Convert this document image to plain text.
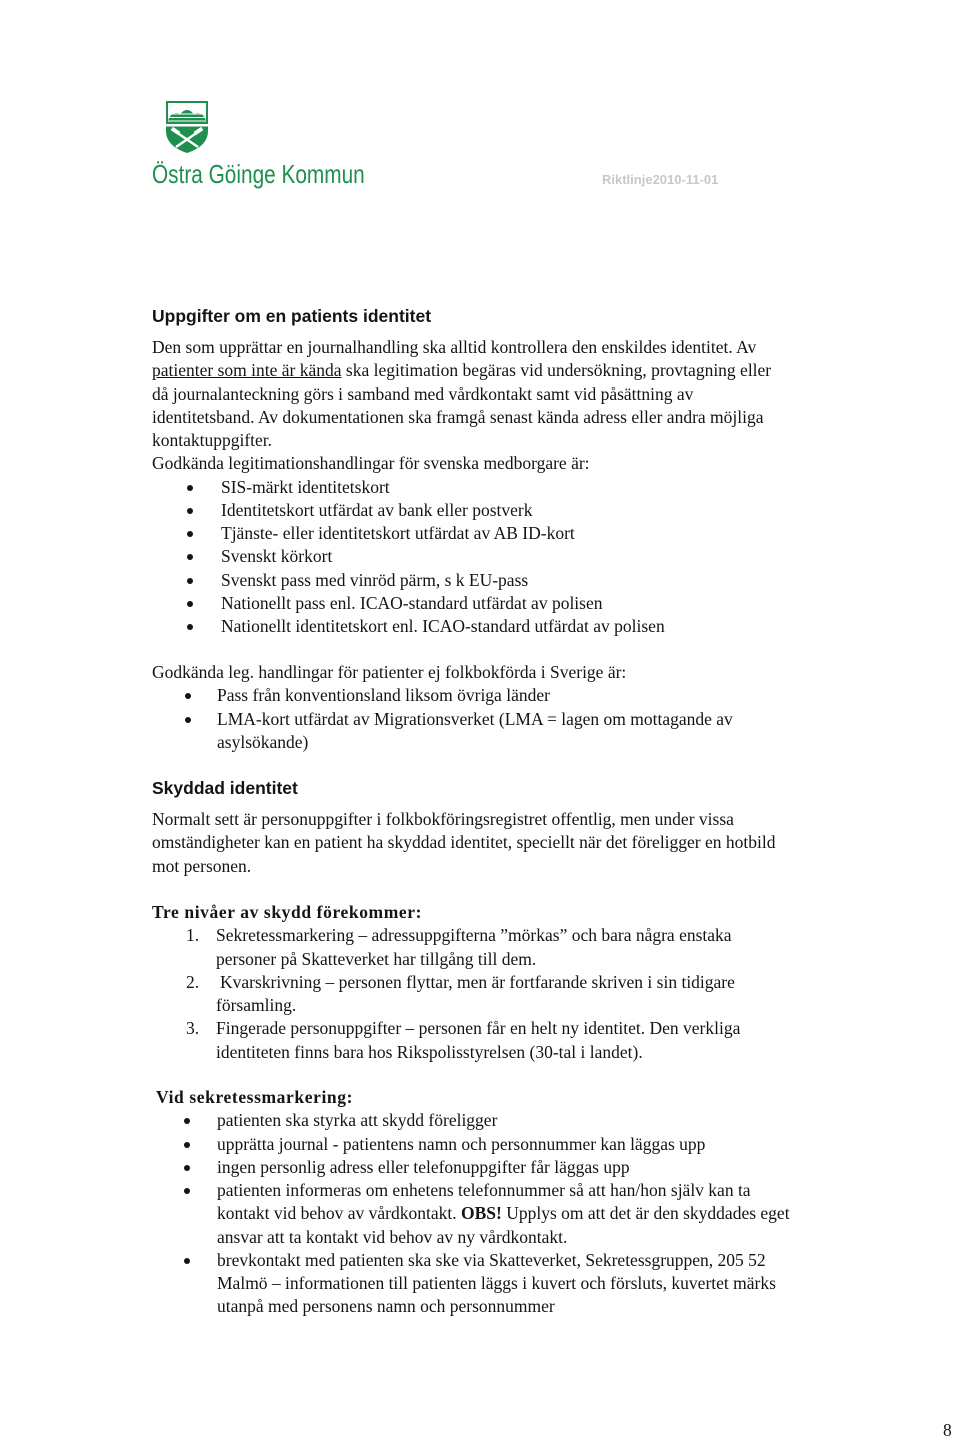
Östra Göinge Kommun	Riktlinje2010-11-01
Uppgifter om en patients identitet
Den som upprättar en journalhandling ska alltid kontrollera den enskildes identitet. Av
patienter som inte är kända ska legitimation begäras vid undersökning, provtagning eller
då journalanteckning görs i samband med vårdkontakt samt vid påsättning av
identitetsband. Av dokumentationen ska framgå senast kända adress eller andra möjliga
kontaktuppgifter.
Godkända legitimationshandlingar för svenska medborgare är:
SIS-märkt identitetskort
Identitetskort utfärdat av bank eller postverk
Tjänste- eller identitetskort utfärdat av AB ID-kort
Svenskt körkort
Svenskt pass med vinröd pärm, s k EU-pass
Nationellt pass enl. ICAO-standard utfärdat av polisen
Nationellt identitetskort enl. ICAO-standard utfärdat av polisen
Godkända leg. handlingar för patienter ej folkbokförda i Sverige är:
Pass från konventionsland liksom övriga länder
LMA-kort utfärdat av Migrationsverket (LMA = lagen om mottagande av
asylsökande)
Skyddad identitet
Normalt sett är personuppgifter i folkbokföringsregistret offentlig, men under vissa
omständigheter kan en patient ha skyddad identitet, speciellt när det föreligger en hotbild
mot personen.
Tre nivåer av skydd förekommer:
1. Sekretessmarkering – adressuppgifterna ”mörkas” och bara några enstaka
personer på Skatteverket har tillgång till dem.
2. Kvarskrivning – personen flyttar, men är fortfarande skriven i sin tidigare
församling.
3. Fingerade personuppgifter – personen får en helt ny identitet. Den verkliga
identiteten finns bara hos Rikspolisstyrelsen (30-tal i landet).
Vid sekretessmarkering:
patienten ska styrka att skydd föreligger
upprätta journal - patientens namn och personnummer kan läggas upp
ingen personlig adress eller telefonuppgifter får läggas upp
patienten informeras om enhetens telefonnummer så att han/hon själv kan ta
kontakt vid behov av vårdkontakt. OBS! Upplys om att det är den skyddades eget
ansvar att ta kontakt vid behov av ny vårdkontakt.
brevkontakt med patienten ska ske via Skatteverket, Sekretessgruppen, 205 52
Malmö – informationen till patienten läggs i kuvert och försluts, kuvertet märks
utanpå med personens namn och personnummer
8
